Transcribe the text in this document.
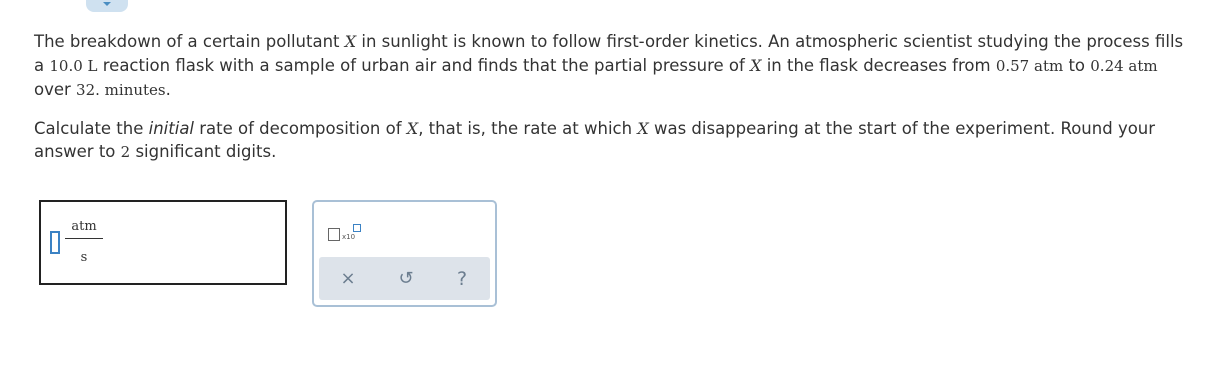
The breakdown of a certain pollutant X in sunlight is known to follow first-order kinetics. An atmospheric scientist studying the process fills a 10.0 L reaction flask with a sample of urban air and finds that the partial pressure of X in the flask decreases from 0.57 atm to 0.24 atm over 32. minutes.

Calculate the initial rate of decomposition of X, that is, the rate at which X was disappearing at the start of the experiment. Round your answer to 2 significant digits.

atm
s
x10
× ↺	?
